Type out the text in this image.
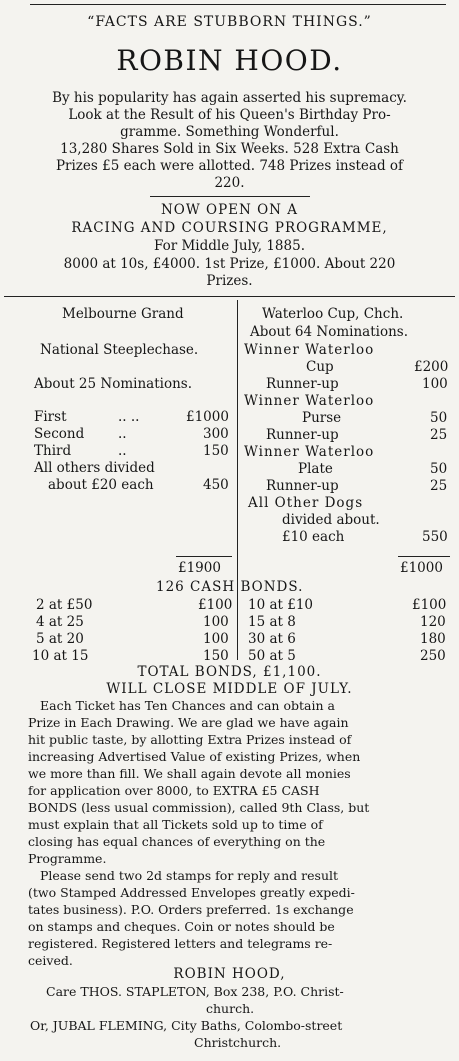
“FACTS ARE STUBBORN THINGS.”
ROBIN HOOD.
By his popularity has again asserted his supremacy.
Look at the Result of his Queen's Birthday Pro-
gramme. Something Wonderful.
13,280 Shares Sold in Six Weeks. 528 Extra Cash
Prizes £5 each were allotted. 748 Prizes instead of
220.
NOW OPEN ON A
RACING AND COURSING PROGRAMME,
For Middle July, 1885.
8000 at 10s, £4000. 1st Prize, £1000. About 220
Prizes.
Melbourne Grand
National Steeplechase.
About 25 Nominations.
First	.. ..	£1000
Second ..	300
Third	..	150
All others divided
about £20 each	450
£1900
Waterloo Cup, Chch.
About 64 Nominations.
Winner Waterloo
Cup	£200
Runner-up	100
Winner Waterloo
Purse	50
Runner-up	25
Winner Waterloo
Plate	50
Runner-up	25
All Other Dogs
divided about.
£10 each	550
£1000
126 CASH BONDS.
2 at £50	£100
4 at 25	100
5 at 20	100
10 at 15	150
10 at £10	£100
15 at 8	120
30 at 6	180
50 at 5	250
TOTAL BONDS, £1,100.
WILL CLOSE MIDDLE OF JULY.
Each Ticket has Ten Chances and can obtain a
Prize in Each Drawing. We are glad we have again
hit public taste, by allotting Extra Prizes instead of
increasing Advertised Value of existing Prizes, when
we more than fill. We shall again devote all monies
for application over 8000, to EXTRA £5 CASH
BONDS (less usual commission), called 9th Class, but
must explain that all Tickets sold up to time of
closing has equal chances of everything on the
Programme.
Please send two 2d stamps for reply and result
(two Stamped Addressed Envelopes greatly expedi-
tates business). P.O. Orders preferred. 1s exchange
on stamps and cheques. Coin or notes should be
registered. Registered letters and telegrams re-
ceived.
ROBIN HOOD,
Care THOS. STAPLETON, Box 238, P.O. Christ-
church.
Or, JUBAL FLEMING, City Baths, Colombo-street
Christchurch.
